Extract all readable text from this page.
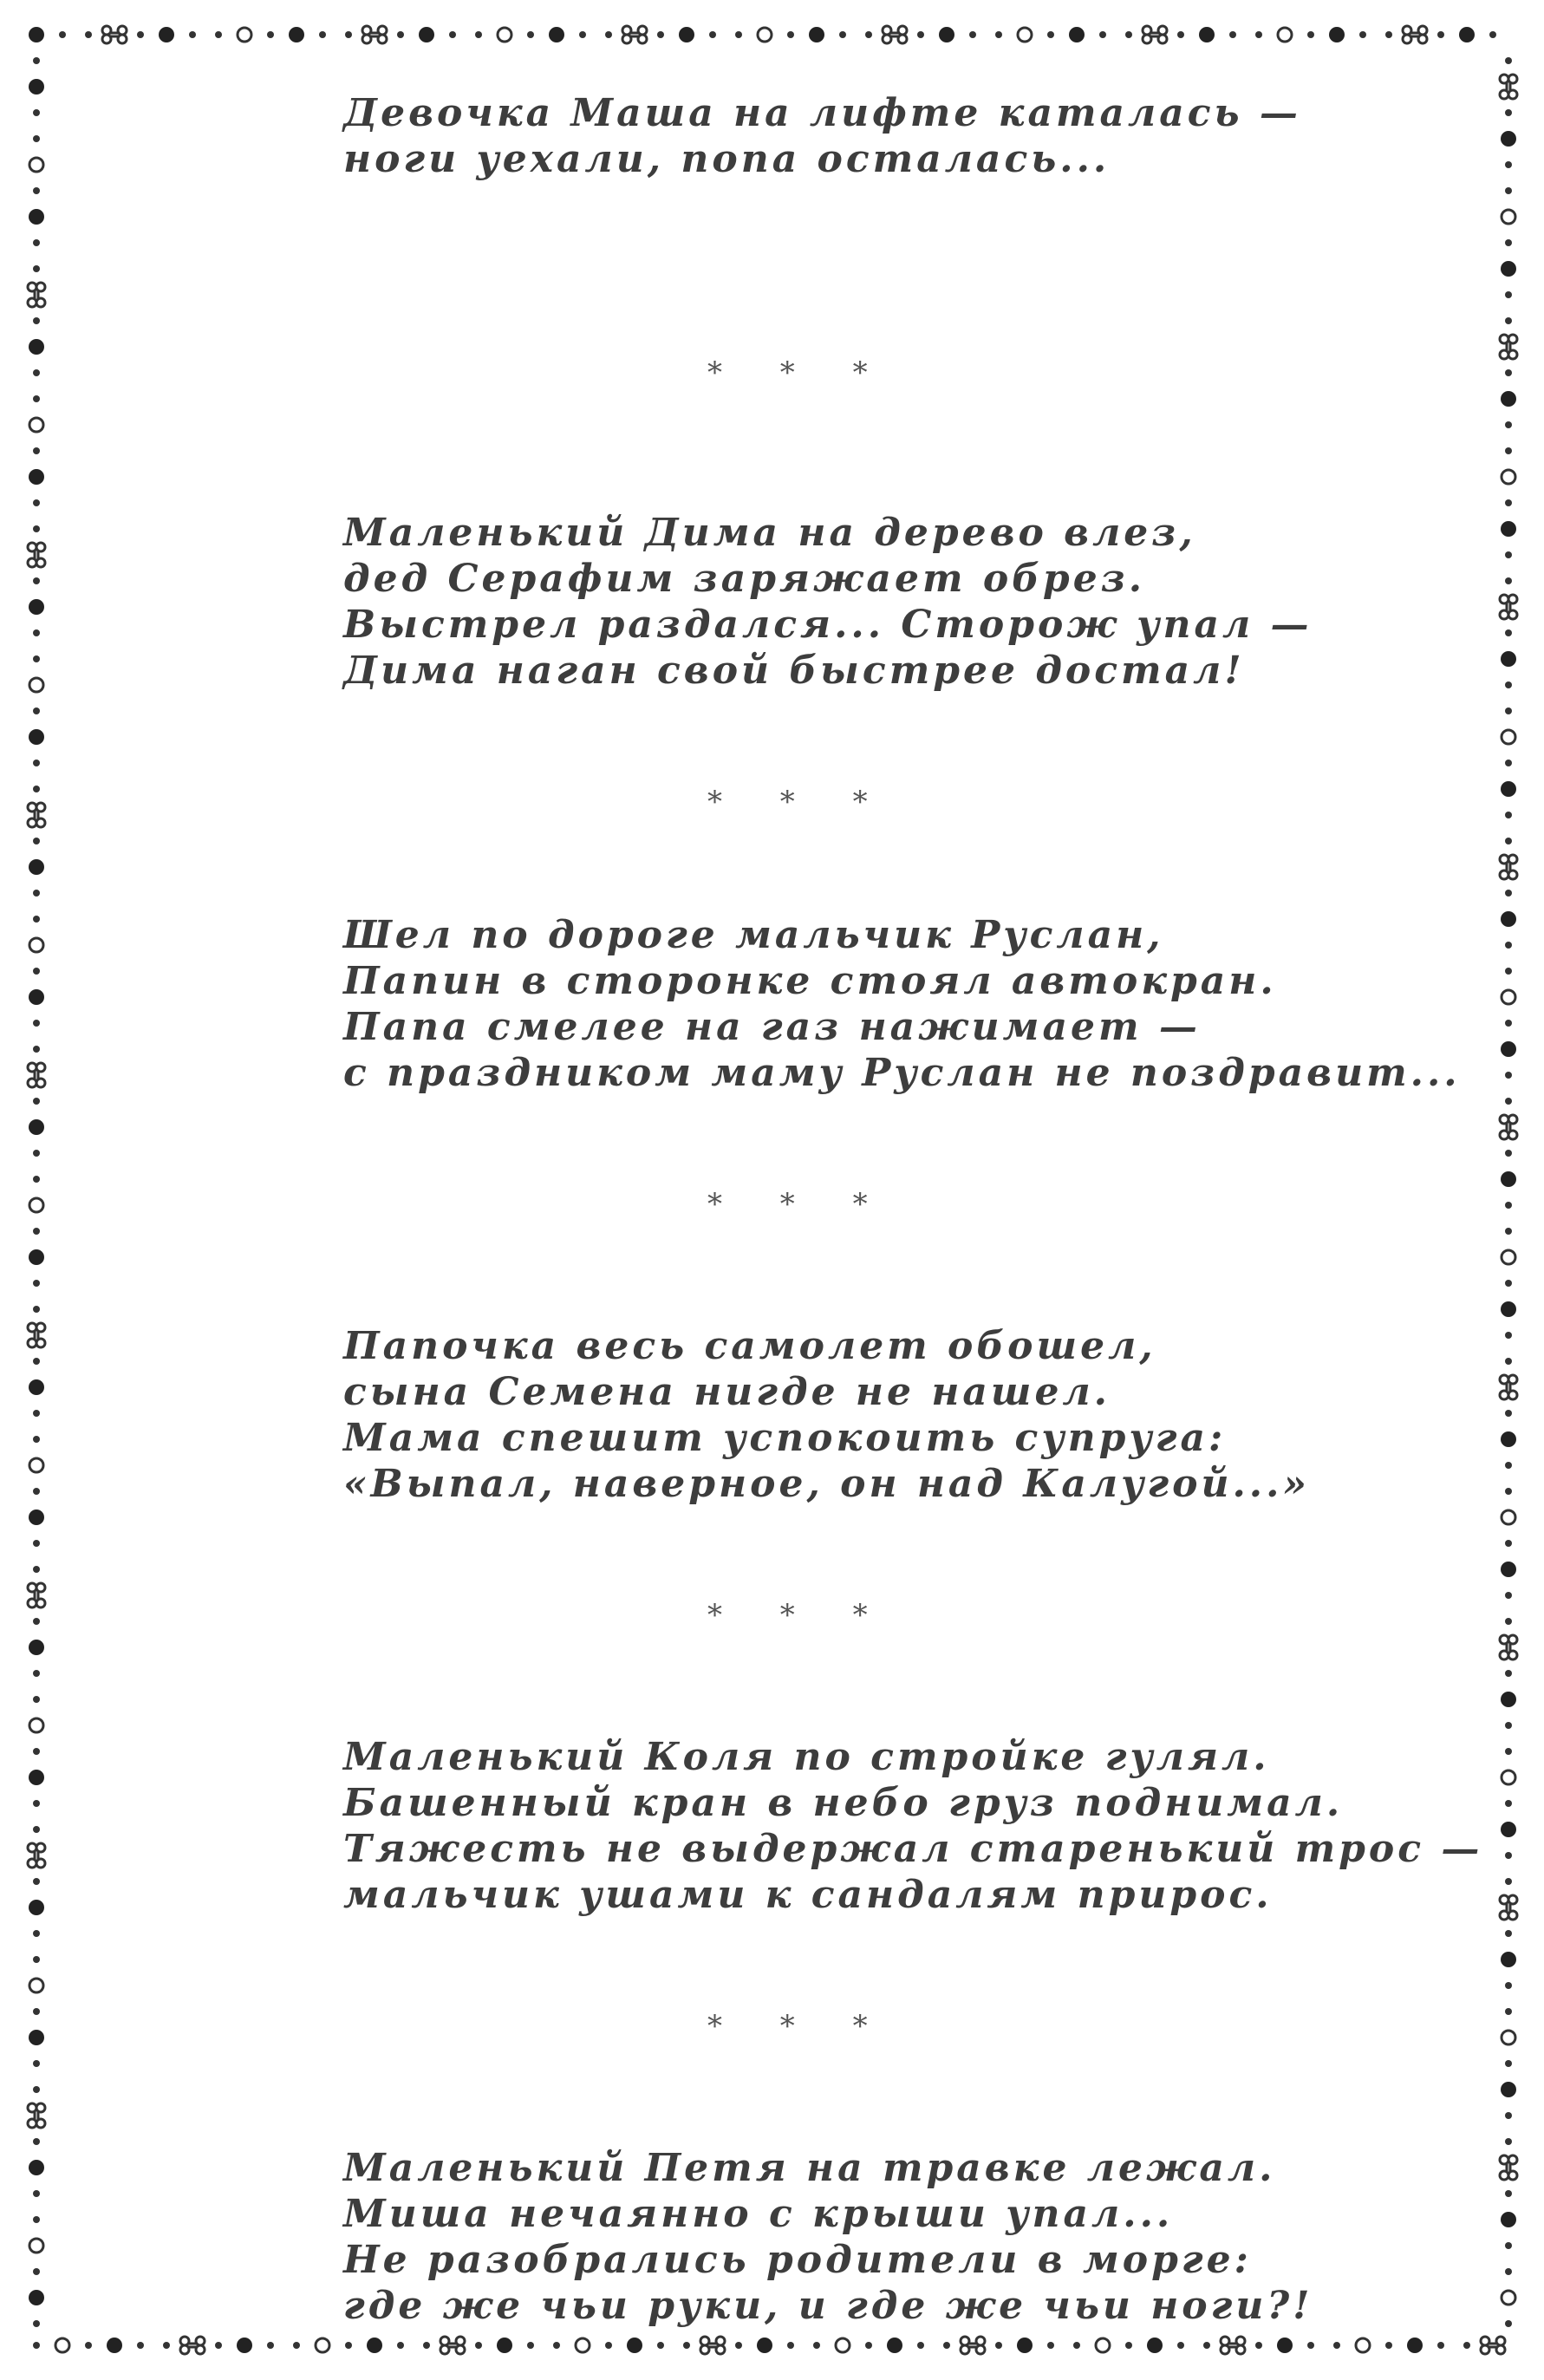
Девочка Маша на лифте каталась —
ноги уехали, попа осталась...
* * *
Маленький Дима на дерево влез,
дед Серафим заряжает обрез.
Выстрел раздался... Сторож упал —
Дима наган свой быстрее достал!
* * *
Шел по дороге мальчик Руслан,
Папин в сторонке стоял автокран.
Папа смелее на газ нажимает —
с праздником маму Руслан не поздравит...
* * *
Папочка весь самолет обошел,
сына Семена нигде не нашел.
Мама спешит успокоить супруга:
«Выпал, наверное, он над Калугой...»
* * *
Маленький Коля по стройке гулял.
Башенный кран в небо груз поднимал.
Тяжесть не выдержал старенький трос —
мальчик ушами к сандалям прирос.
* * *
Маленький Петя на травке лежал.
Миша нечаянно с крыши упал...
Не разобрались родители в морге:
где же чьи руки, и где же чьи ноги?!
